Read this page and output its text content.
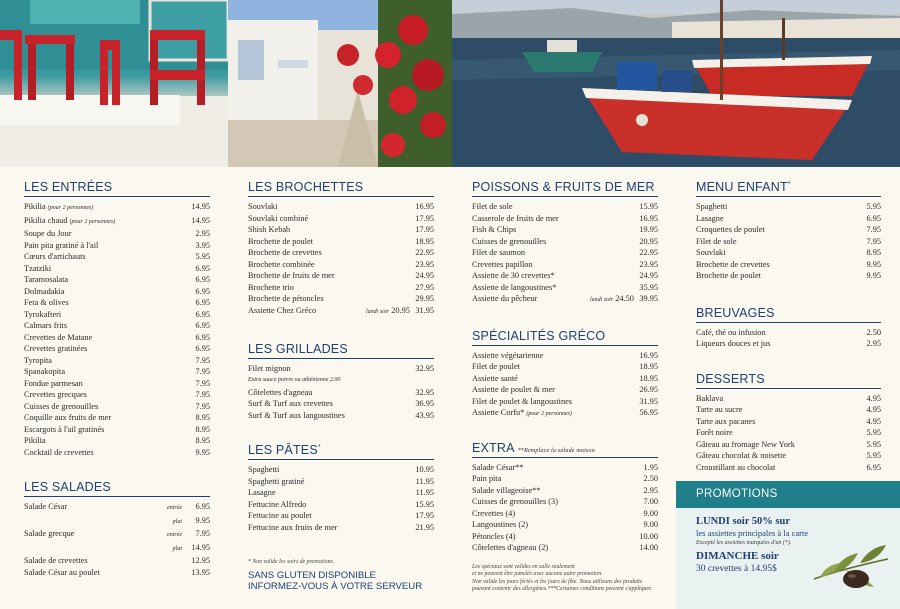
LES ENTRÉES
Pikilia (pour 2 personnes)	14.95
Pikilia chaud (pour 2 personnes)	14.95
Soupe du Jour	2.95
Pain pita gratiné à l'ail	3.95
Cœurs d'artichauts	5.95
Tzatziki	6.95
Taramosalata	6.95
Dolmadakia	6.95
Feta & olives	6.95
Tyrokafteri	6.95
Calmars frits	6.95
Crevettes de Matane	6.95
Crevettes gratinées	6.95
Tyropita	7.95
Spanakopita	7.95
Fondue parmesan	7.95
Crevettes grecques	7.95
Cuisses de grenouilles	7.95
Coquille aux fruits de mer	8.95
Escargots à l'ail gratinés	8.95
Pikilia	8.95
Cocktail de crevettes	9.95
LES SALADES
Salade César	entrée	6.95
plat	9.95
Salade grecque	entrée	7.95
plat	14.95
Salade de crevettes	12.95
Salade César au poulet	13.95
LES BROCHETTES
Souvlaki	16.95
Souvlaki combiné	17.95
Shish Kebab	17.95
Brochette de poulet	18.95
Brochette de crevettes	22.95
Brochette combinée	23.95
Brochette de fruits de mer	24.95
Brochette trio	27.95
Brochette de pétoncles	29.95
Assiette Chez Gréco	lundi soir 20.95 31.95
LES GRILLADES
Filet mignon	32.95
Extra sauce poivre ou athénienne 2.00
Côtelettes d'agneau	32.95
Surf & Turf aux crevettes	36.95
Surf & Turf aux langoustines	43.95
LES PÂTES*
Spaghetti	10.95
Spaghetti gratiné	11.95
Lasagne	11.95
Fettucine Alfredo	15.95
Fettucine au poulet	17.95
Fettucine aux fruits de mer	21.95
* Non valide les soirs de promotions.
SANS GLUTEN DISPONIBLE
INFORMEZ-VOUS À VOTRE SERVEUR
POISSONS & FRUITS DE MER
Filet de sole	15.95
Casserole de fruits de mer	16.95
Fish & Chips	19.95
Cuisses de grenouilles	20.95
Filet de saumon	22.95
Crevettes papillon	23.95
Assiette de 30 crevettes*	24.95
Assiette de langoustines*	35.95
Assiette du pêcheur	lundi soir 24.50 39.95
SPÉCIALITÉS GRÉCO
Assiette végétarienne	16.95
Filet de poulet	18.95
Assiette santé	18.95
Assiette de poulet & mer	26.95
Filet de poulet & langoustines	31.95
Assiette Corfu* (pour 2 personnes)	56.95
EXTRA **Remplace la salade maison
Salade César**	1.95
Pain pita	2.50
Salade villageoise**	2.95
Cuisses de grenouilles (3)	7.00
Crevettes (4)	9.00
Langoustines (2)	9.00
Pétoncles (4)	10.00
Côtelettes d'agneau (2)	14.00
Les spéciaux sont valides en salle seulement
et ne peuvent être jumelés avec aucune autre promotion.
Non valide les jours fériés et les jours de fête. Nous utilisons des produits
pouvant contenir des allergènes.***Certaines conditions peuvent s'appliquer.
MENU ENFANT*
Spaghetti	5.95
Lasagne	6.95
Croquettes de poulet	7.95
Filet de sole	7.95
Souvlaki	8.95
Brochette de crevettes	9.95
Brochette de poulet	9.95
BREUVAGES
Café, thé ou infusion	2.50
Liqueurs douces et jus	2.95
DESSERTS
Baklava	4.95
Tarte au sucre	4.95
Tarte aux pacanes	4.95
Forêt noire	5.95
Gâteau au fromage New York	5.95
Gâteau chocolat & noisette	5.95
Croustillant au chocolat	6.95
PROMOTIONS
LUNDI soir 50% sur
les assiettes principales à la carte
Excepté les assiettes marquées d'un (*).
DIMANCHE soir
30 crevettes à 14.95$
